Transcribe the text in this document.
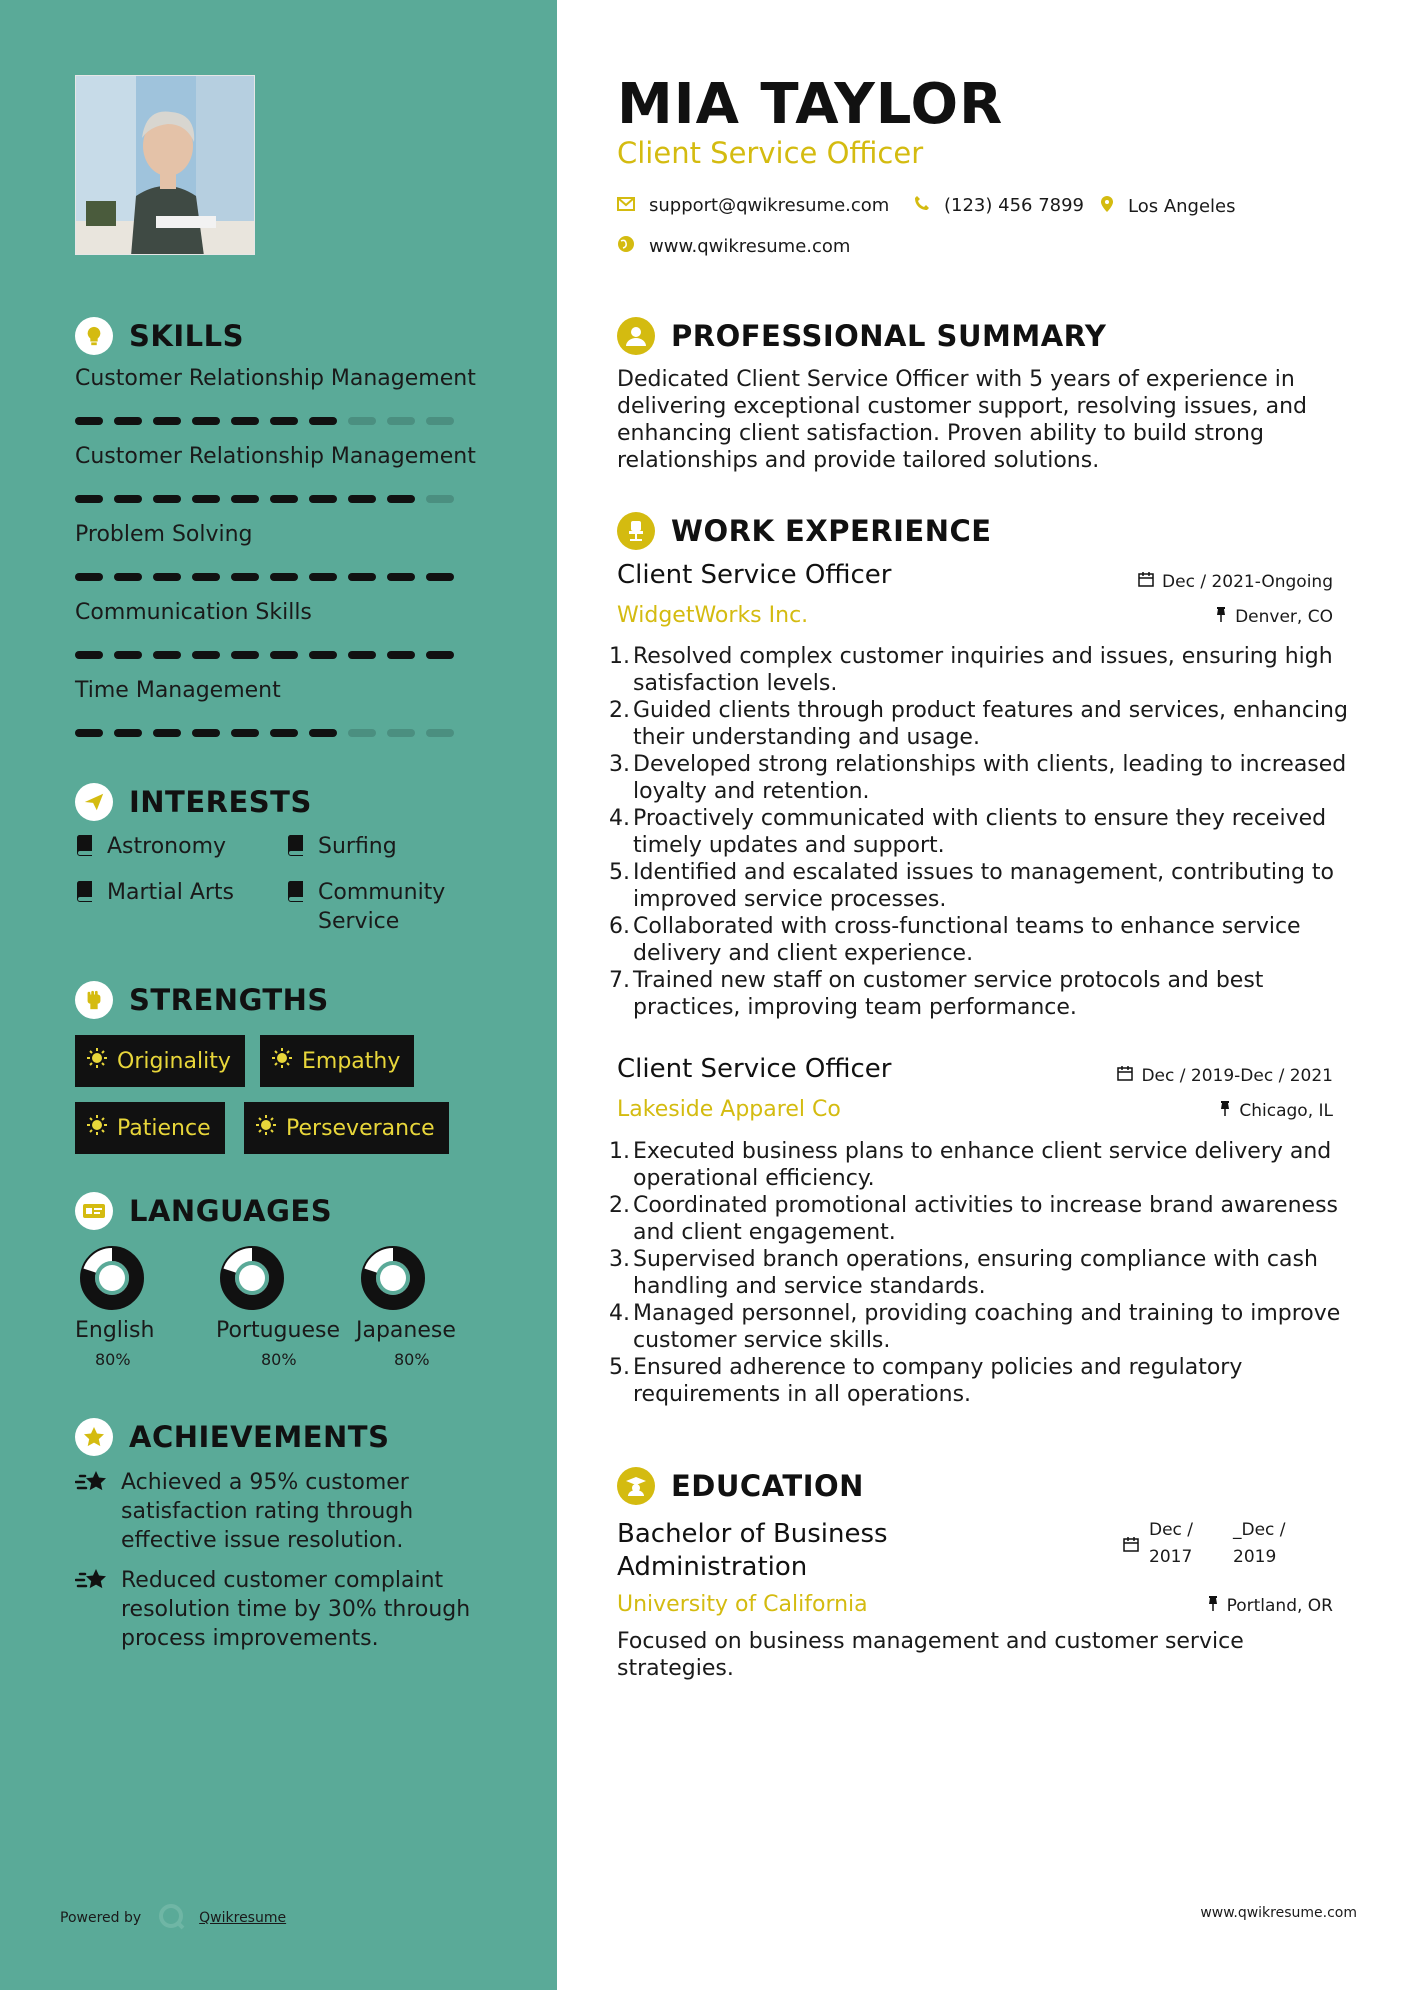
SKILLS
Customer Relationship Management
Customer Relationship Management
Problem Solving
Communication Skills
Time Management
INTERESTS
Astronomy	Surfing
Martial Arts	Community Service
STRENGTHS
Originality	Empathy
Patience	Perseverance
LANGUAGES
English
80%
Portuguese
80%
Japanese
80%
ACHIEVEMENTS
Achieved a 95% customer satisfaction rating through effective issue resolution.
Reduced customer complaint resolution time by 30% through process improvements.
Powered by	Qwikresume
MIA TAYLOR
Client Service Officer
support@qwikresume.com	(123) 456 7899 Los Angeles
www.qwikresume.com
PROFESSIONAL SUMMARY
Dedicated Client Service Officer with 5 years of experience in delivering exceptional customer support, resolving issues, and enhancing client satisfaction. Proven ability to build strong relationships and provide tailored solutions.
WORK EXPERIENCE
Client Service Officer	Dec / 2021-Ongoing
WidgetWorks Inc.	Denver, CO
1. Resolved complex customer inquiries and issues, ensuring high satisfaction levels.
2. Guided clients through product features and services, enhancing their understanding and usage.
3. Developed strong relationships with clients, leading to increased loyalty and retention.
4. Proactively communicated with clients to ensure they received timely updates and support.
5. Identified and escalated issues to management, contributing to improved service processes.
6. Collaborated with cross-functional teams to enhance service delivery and client experience.
7. Trained new staff on customer service protocols and best practices, improving team performance.
Client Service Officer	Dec / 2019-Dec / 2021
Lakeside Apparel Co	Chicago, IL
1. Executed business plans to enhance client service delivery and operational efficiency.
2. Coordinated promotional activities to increase brand awareness and client engagement.
3. Supervised branch operations, ensuring compliance with cash handling and service standards.
4. Managed personnel, providing coaching and training to improve customer service skills.
5. Ensured adherence to company policies and regulatory requirements in all operations.
EDUCATION
Bachelor of Business
Administration
Dec /
2017
_Dec /
2019
University of California	Portland, OR
Focused on business management and customer service strategies.
www.qwikresume.com
